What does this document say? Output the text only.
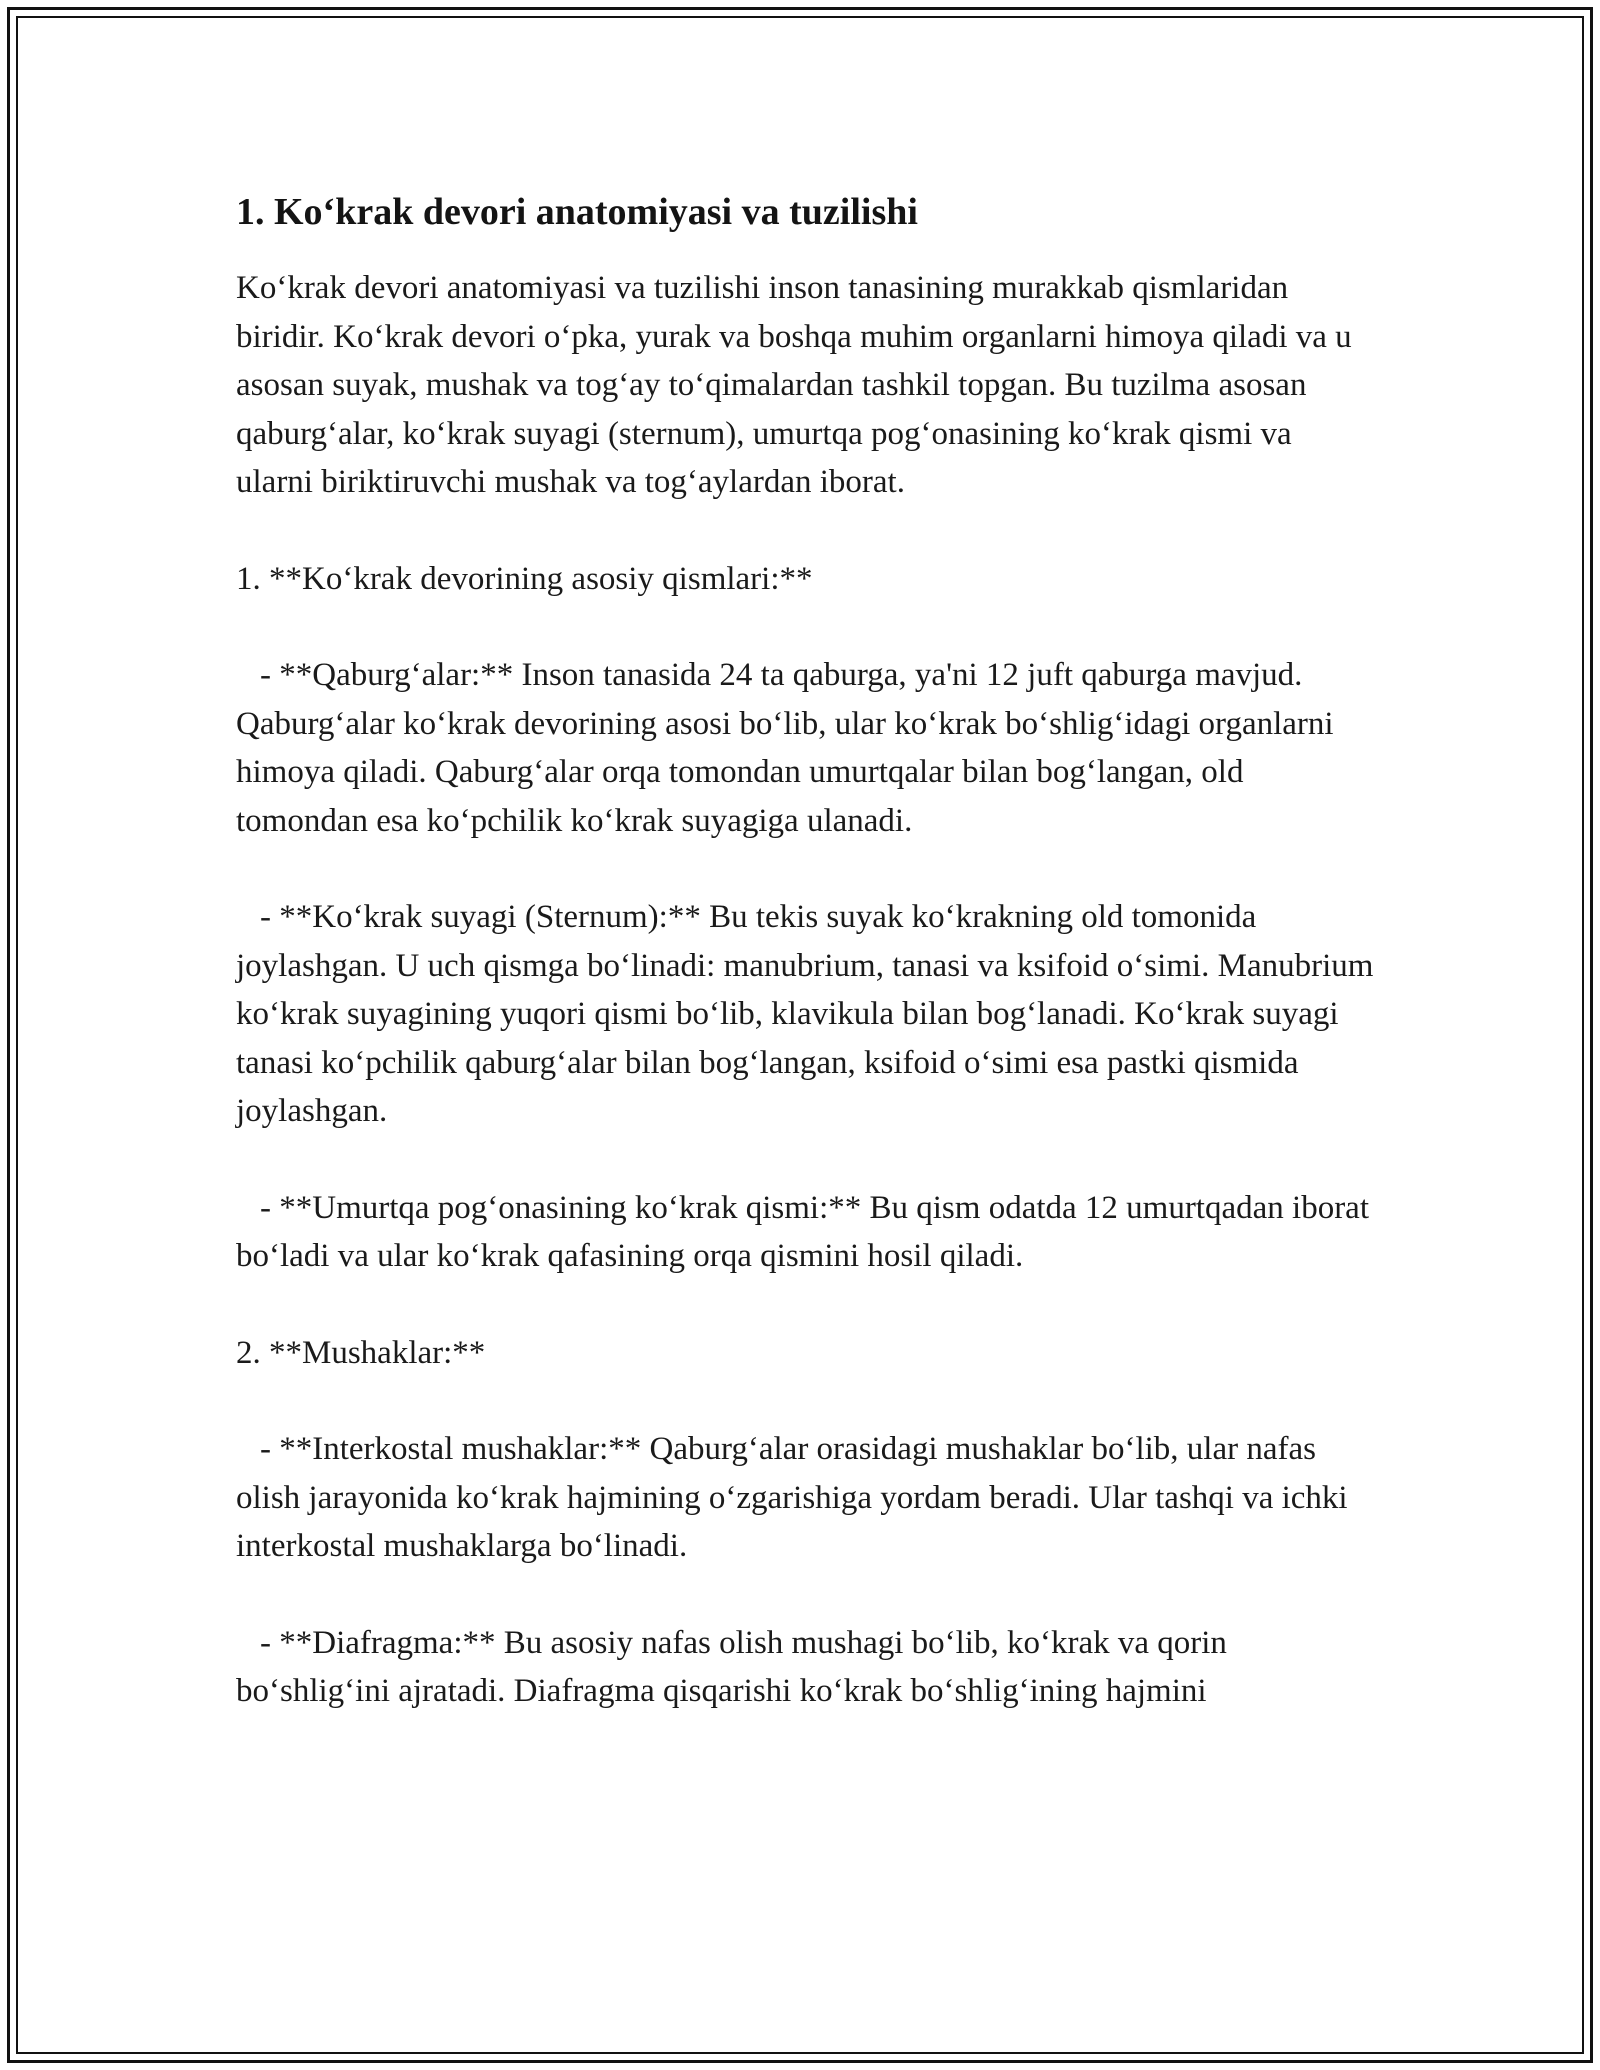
1. Ko‘krak devori anatomiyasi va tuzilishi

Ko‘krak devori anatomiyasi va tuzilishi inson tanasining murakkab qismlaridan biridir. Ko‘krak devori o‘pka, yurak va boshqa muhim organlarni himoya qiladi va u asosan suyak, mushak va tog‘ay to‘qimalardan tashkil topgan. Bu tuzilma asosan qaburg‘alar, ko‘krak suyagi (sternum), umurtqa pog‘onasining ko‘krak qismi va ularni biriktiruvchi mushak va tog‘aylardan iborat.

1. **Ko‘krak devorining asosiy qismlari:**

- **Qaburg‘alar:** Inson tanasida 24 ta qaburga, ya'ni 12 juft qaburga mavjud. Qaburg‘alar ko‘krak devorining asosi bo‘lib, ular ko‘krak bo‘shlig‘idagi organlarni himoya qiladi. Qaburg‘alar orqa tomondan umurtqalar bilan bog‘langan, old tomondan esa ko‘pchilik ko‘krak suyagiga ulanadi.

- **Ko‘krak suyagi (Sternum):** Bu tekis suyak ko‘krakning old tomonida joylashgan. U uch qismga bo‘linadi: manubrium, tanasi va ksifoid o‘simi. Manubrium ko‘krak suyagining yuqori qismi bo‘lib, klavikula bilan bog‘lanadi. Ko‘krak suyagi tanasi ko‘pchilik qaburg‘alar bilan bog‘langan, ksifoid o‘simi esa pastki qismida joylashgan.

- **Umurtqa pog‘onasining ko‘krak qismi:** Bu qism odatda 12 umurtqadan iborat bo‘ladi va ular ko‘krak qafasining orqa qismini hosil qiladi.

2. **Mushaklar:**

- **Interkostal mushaklar:** Qaburg‘alar orasidagi mushaklar bo‘lib, ular nafas olish jarayonida ko‘krak hajmining o‘zgarishiga yordam beradi. Ular tashqi va ichki interkostal mushaklarga bo‘linadi.

- **Diafragma:** Bu asosiy nafas olish mushagi bo‘lib, ko‘krak va qorin bo‘shlig‘ini ajratadi. Diafragma qisqarishi ko‘krak bo‘shlig‘ining hajmini
